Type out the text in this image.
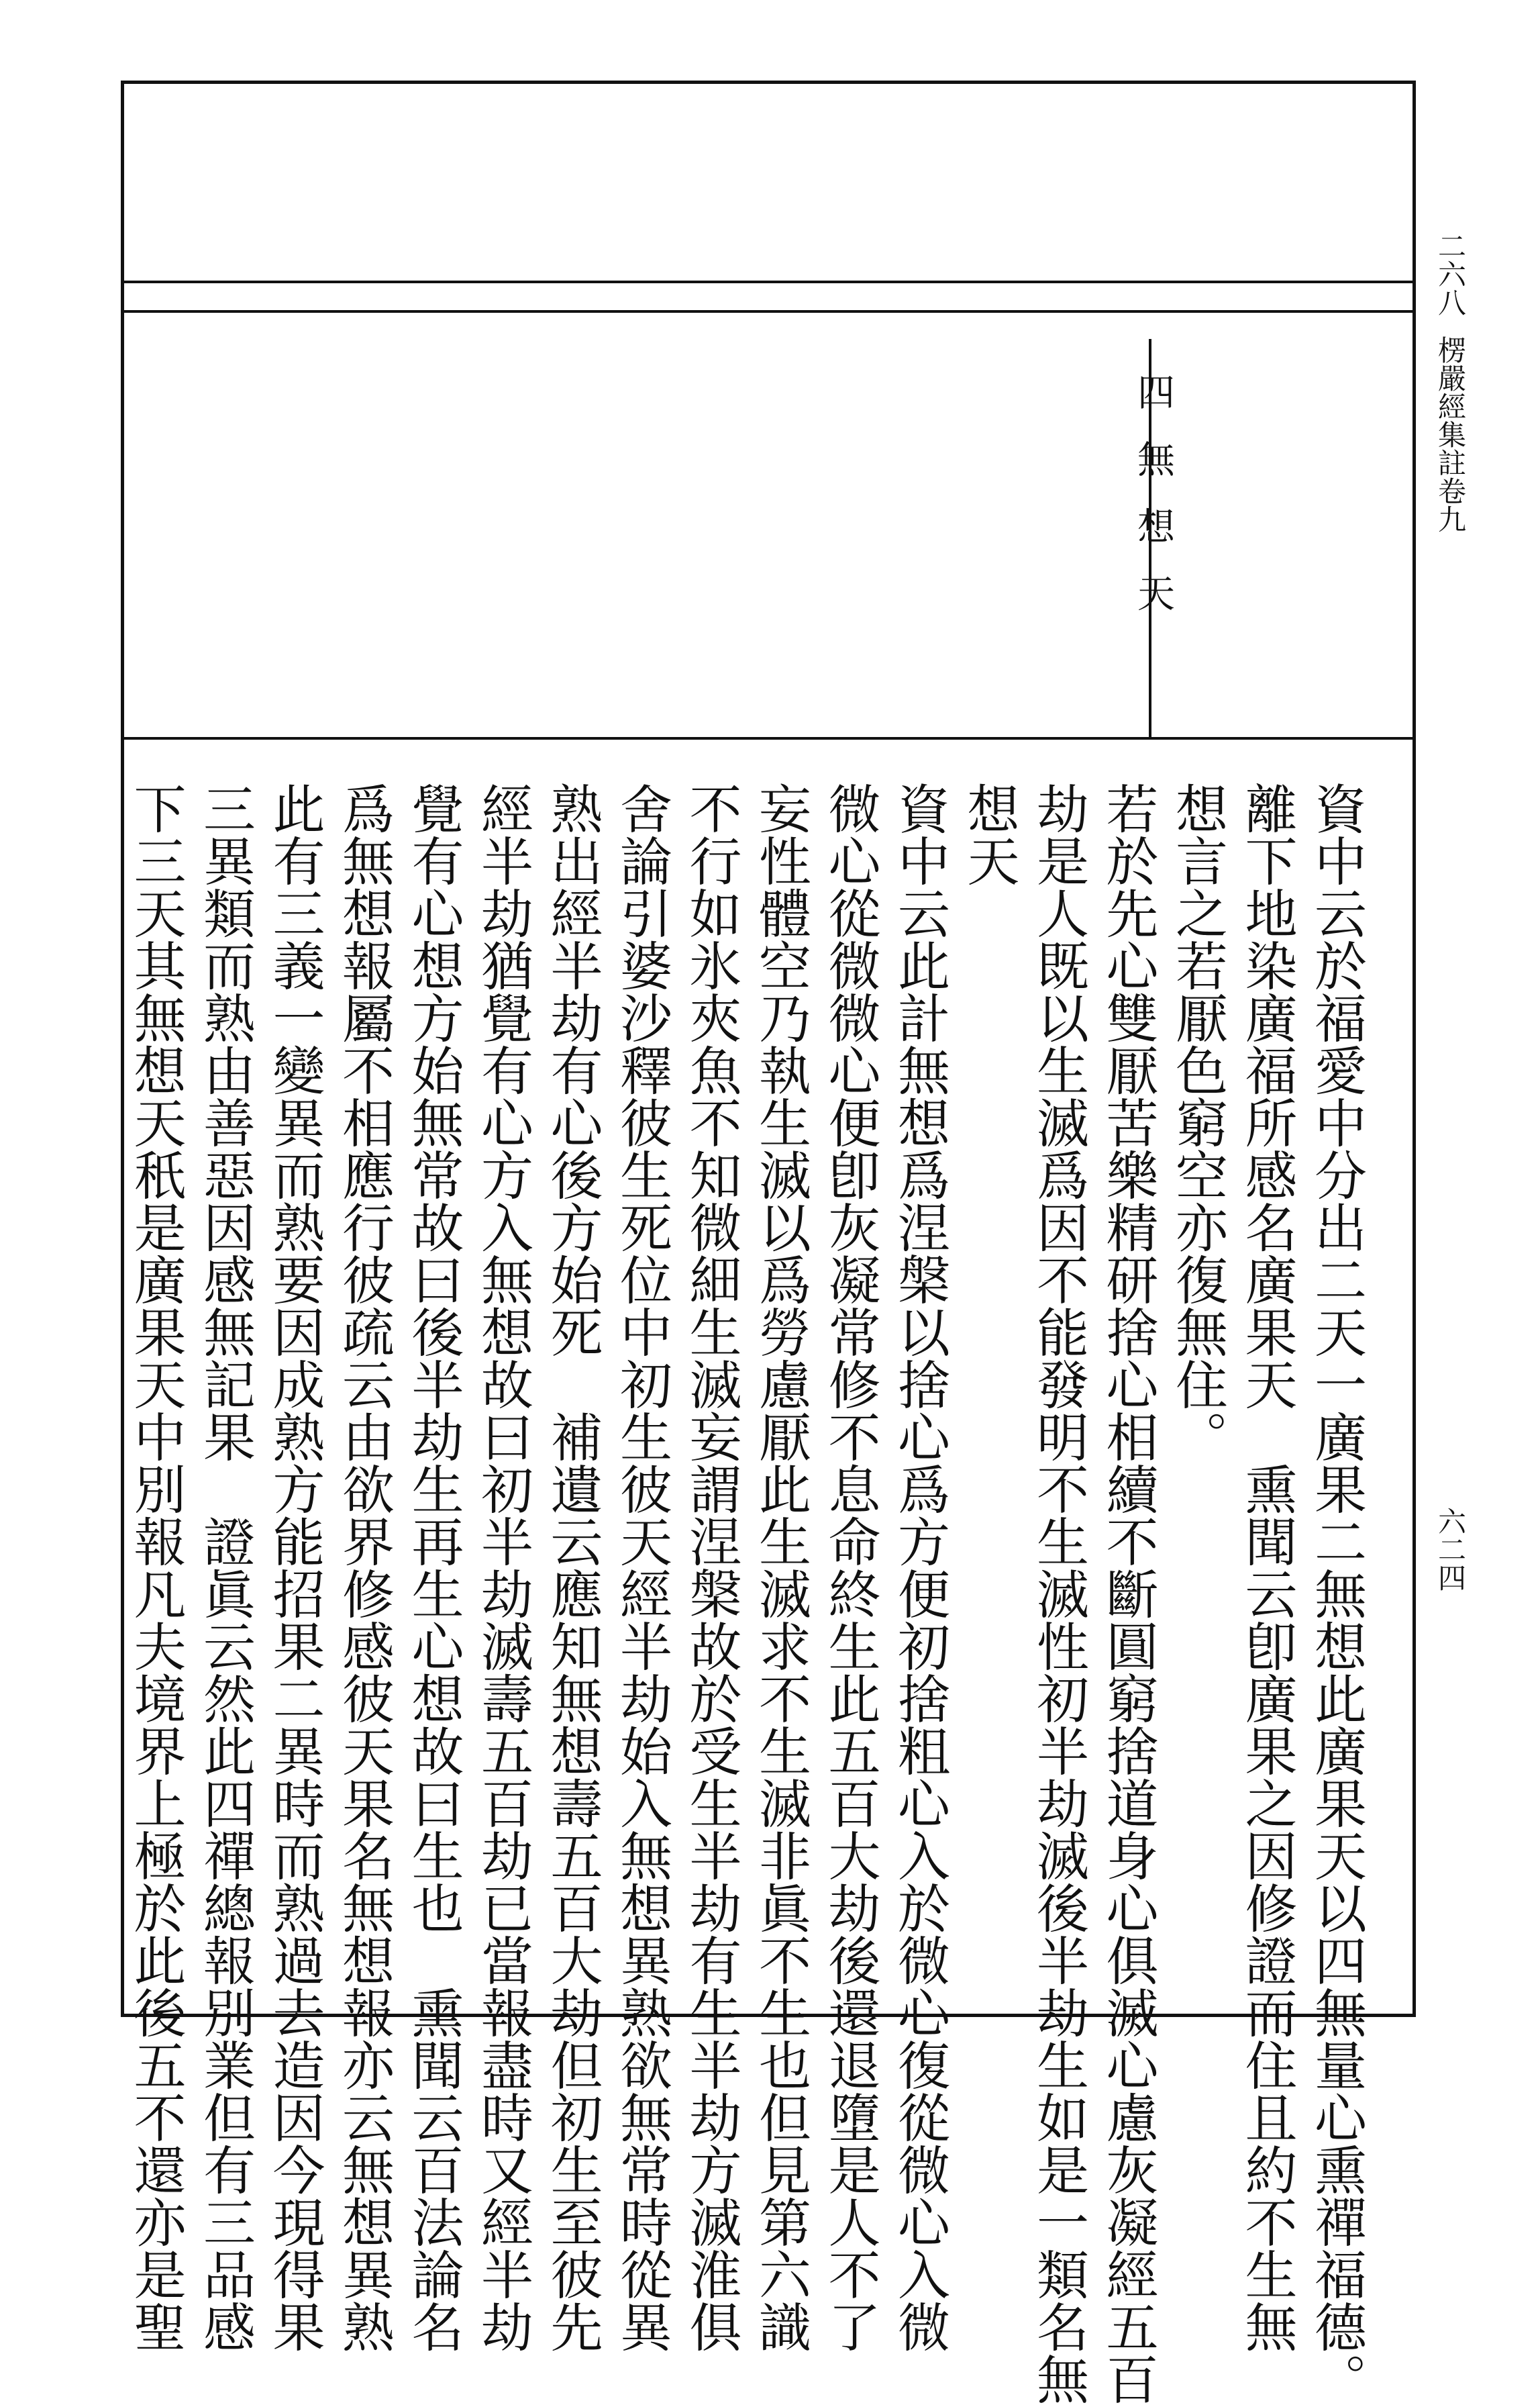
二六八
楞嚴經集註卷九
六二四
四
無
想
天
資中云於福愛中分出二天一廣果二無想此廣果天以四無量心熏禪福德。
離下地染廣福所感名廣果天　熏聞云卽廣果之因修證而住且約不生無
想言之若厭色窮空亦復無住。
若於先心雙厭苦樂精研捨心相續不斷圓窮捨道身心俱滅心慮灰凝經五百
劫是人既以生滅爲因不能發明不生滅性初半劫滅後半劫生如是一類名無
想天
資中云此計無想爲涅槃以捨心爲方便初捨粗心入於微心復從微心入微
微心從微微心便卽灰凝常修不息命終生此五百大劫後還退墮是人不了
妄性體空乃執生滅以爲勞慮厭此生滅求不生滅非眞不生也但見第六識
不行如氷夾魚不知微細生滅妄謂涅槃故於受生半劫有生半劫方滅淮俱
舍論引婆沙釋彼生死位中初生彼天經半劫始入無想異熟欲無常時從異
熟出經半劫有心後方始死　補遺云應知無想壽五百大劫但初生至彼先
經半劫猶覺有心方入無想故曰初半劫滅壽五百劫已當報盡時又經半劫
覺有心想方始無常故曰後半劫生再生心想故曰生也　熏聞云百法論名
爲無想報屬不相應行彼疏云由欲界修感彼天果名無想報亦云無想異熟
此有三義一變異而熟要因成熟方能招果二異時而熟過去造因今現得果
三異類而熟由善惡因感無記果　證眞云然此四禪總報別業但有三品感
下三天其無想天秖是廣果天中別報凡夫境界上極於此後五不還亦是聖
